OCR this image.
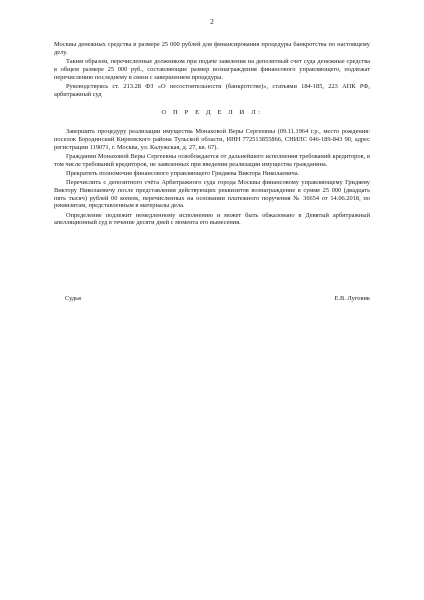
2

Москвы денежных средства в размере 25 000 рублей для финансирования процедуры банкротства по настоящему делу.

Таким образом, перечисленные должником при подаче заявления на депозитный счет суда денежные средства в общем размере 25 000 руб., составляющие размер вознаграждения финансового управляющего, подлежат перечислению последнему в связи с завершением процедуры.

Руководствуясь ст. 213.28 ФЗ «О несостоятельности (банкротстве)», статьями 184-185, 223 АПК РФ, арбитражный суд

О П Р Е Д Е Л И Л:

Завершить процедуру реализации имущества Монаховой Веры Сергеевны (09.11.1964 г.р., место рождения: поселок Бородинский Киреевского района Тульской области, ИНН 772513855866, СНИЛС 046-189-843 90, адрес регистрации 119071, г. Москва, ул. Калужская, д. 27, кв. 67).

Гражданин Монаховой Веры Сергеевны освобождается от дальнейшего исполнения требований кредиторов, в том числе требований кредиторов, не заявленных при введении реализации имущества гражданина.

Прекратить полномочия финансового управляющего Гридяева Виктора Николаевича.

Перечислить с депозитного счёта Арбитражного суда города Москвы финансовому управляющему Гридяеву Виктору Николаевичу после представления действующих реквизитов вознаграждение в сумме 25 000 (двадцать пять тысяч) рублей 00 копеек, перечисленных на основании платежного поручения № 36654 от 14.06.2018, по реквизитам, представленным в материалы дела.

Определение подлежит немедленному исполнению и может быть обжаловано в Девятый арбитражный апелляционный суд в течение десяти дней с момента его вынесения.

Судья	Е.В. Луговик
